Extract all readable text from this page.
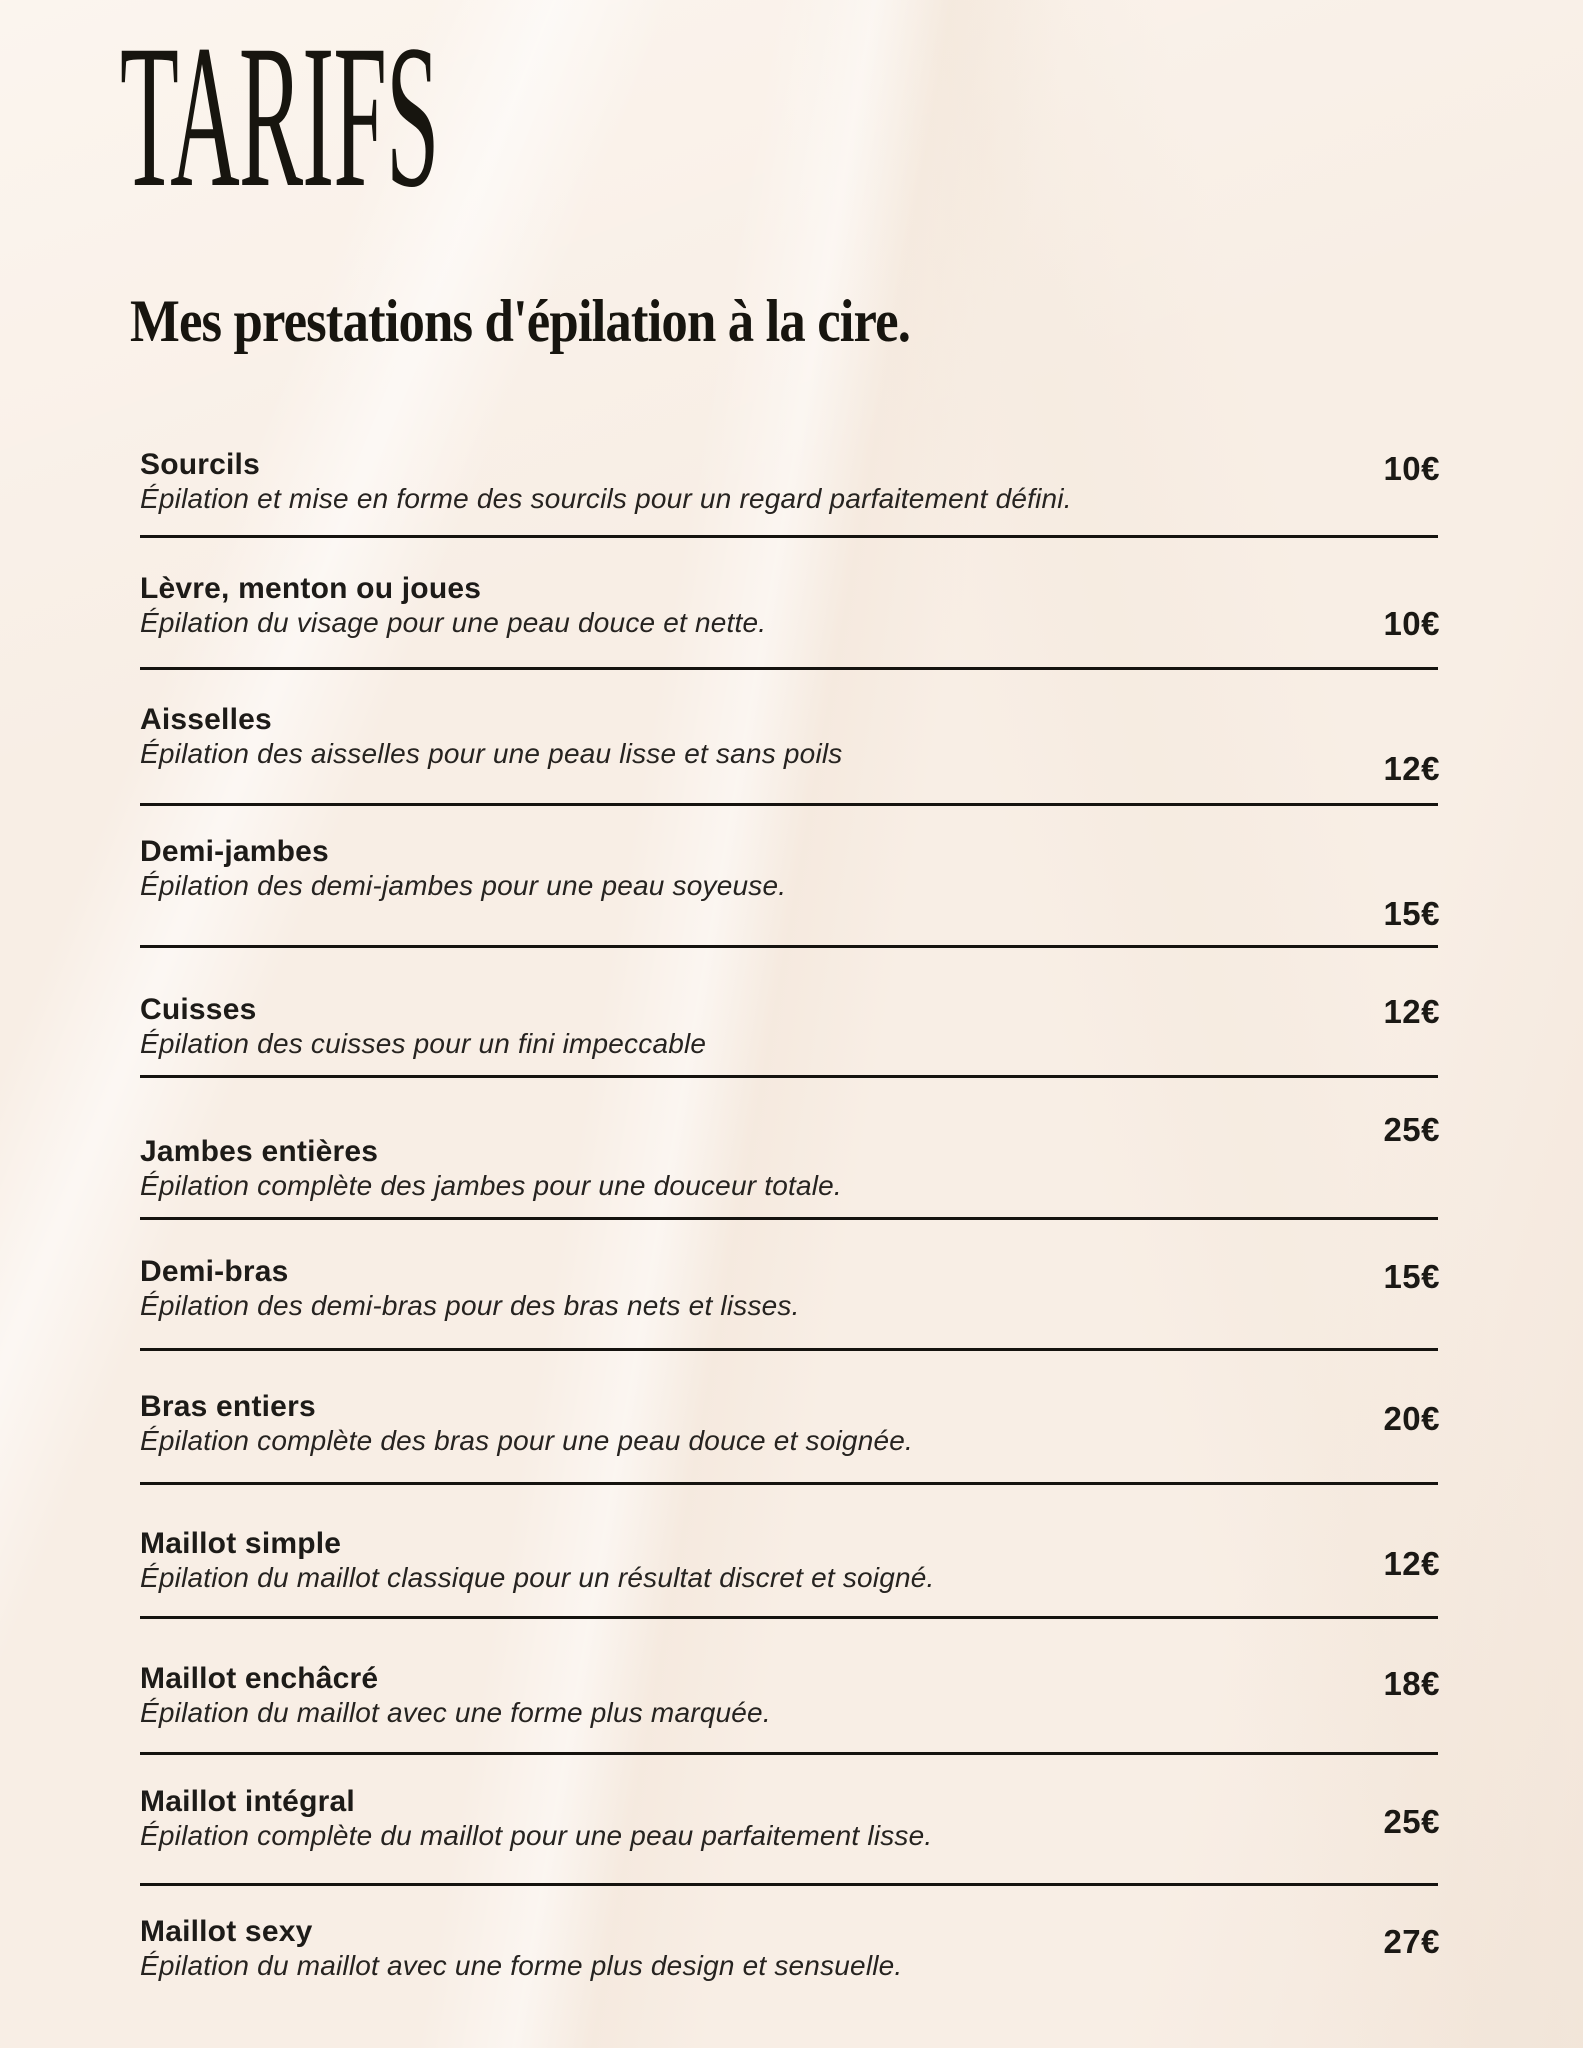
TARIFS
Mes prestations d'épilation à la cire.
Sourcils
Épilation et mise en forme des sourcils pour un regard parfaitement défini.
10€
Lèvre, menton ou joues
Épilation du visage pour une peau douce et nette.	10€
Aisselles
Épilation des aisselles pour une peau lisse et sans poils	12€
Demi-jambes
Épilation des demi-jambes pour une peau soyeuse.
15€
Cuisses
Épilation des cuisses pour un fini impeccable
12€
Jambes entières
Épilation complète des jambes pour une douceur totale.
25€
Demi-bras
Épilation des demi-bras pour des bras nets et lisses.
15€
Bras entiers
Épilation complète des bras pour une peau douce et soignée.
20€
Maillot simple
Épilation du maillot classique pour un résultat discret et soigné.	12€
Maillot enchâcré
Épilation du maillot avec une forme plus marquée.
18€
Maillot intégral
Épilation complète du maillot pour une peau parfaitement lisse.	25€
Maillot sexy
Épilation du maillot avec une forme plus design et sensuelle.
27€
